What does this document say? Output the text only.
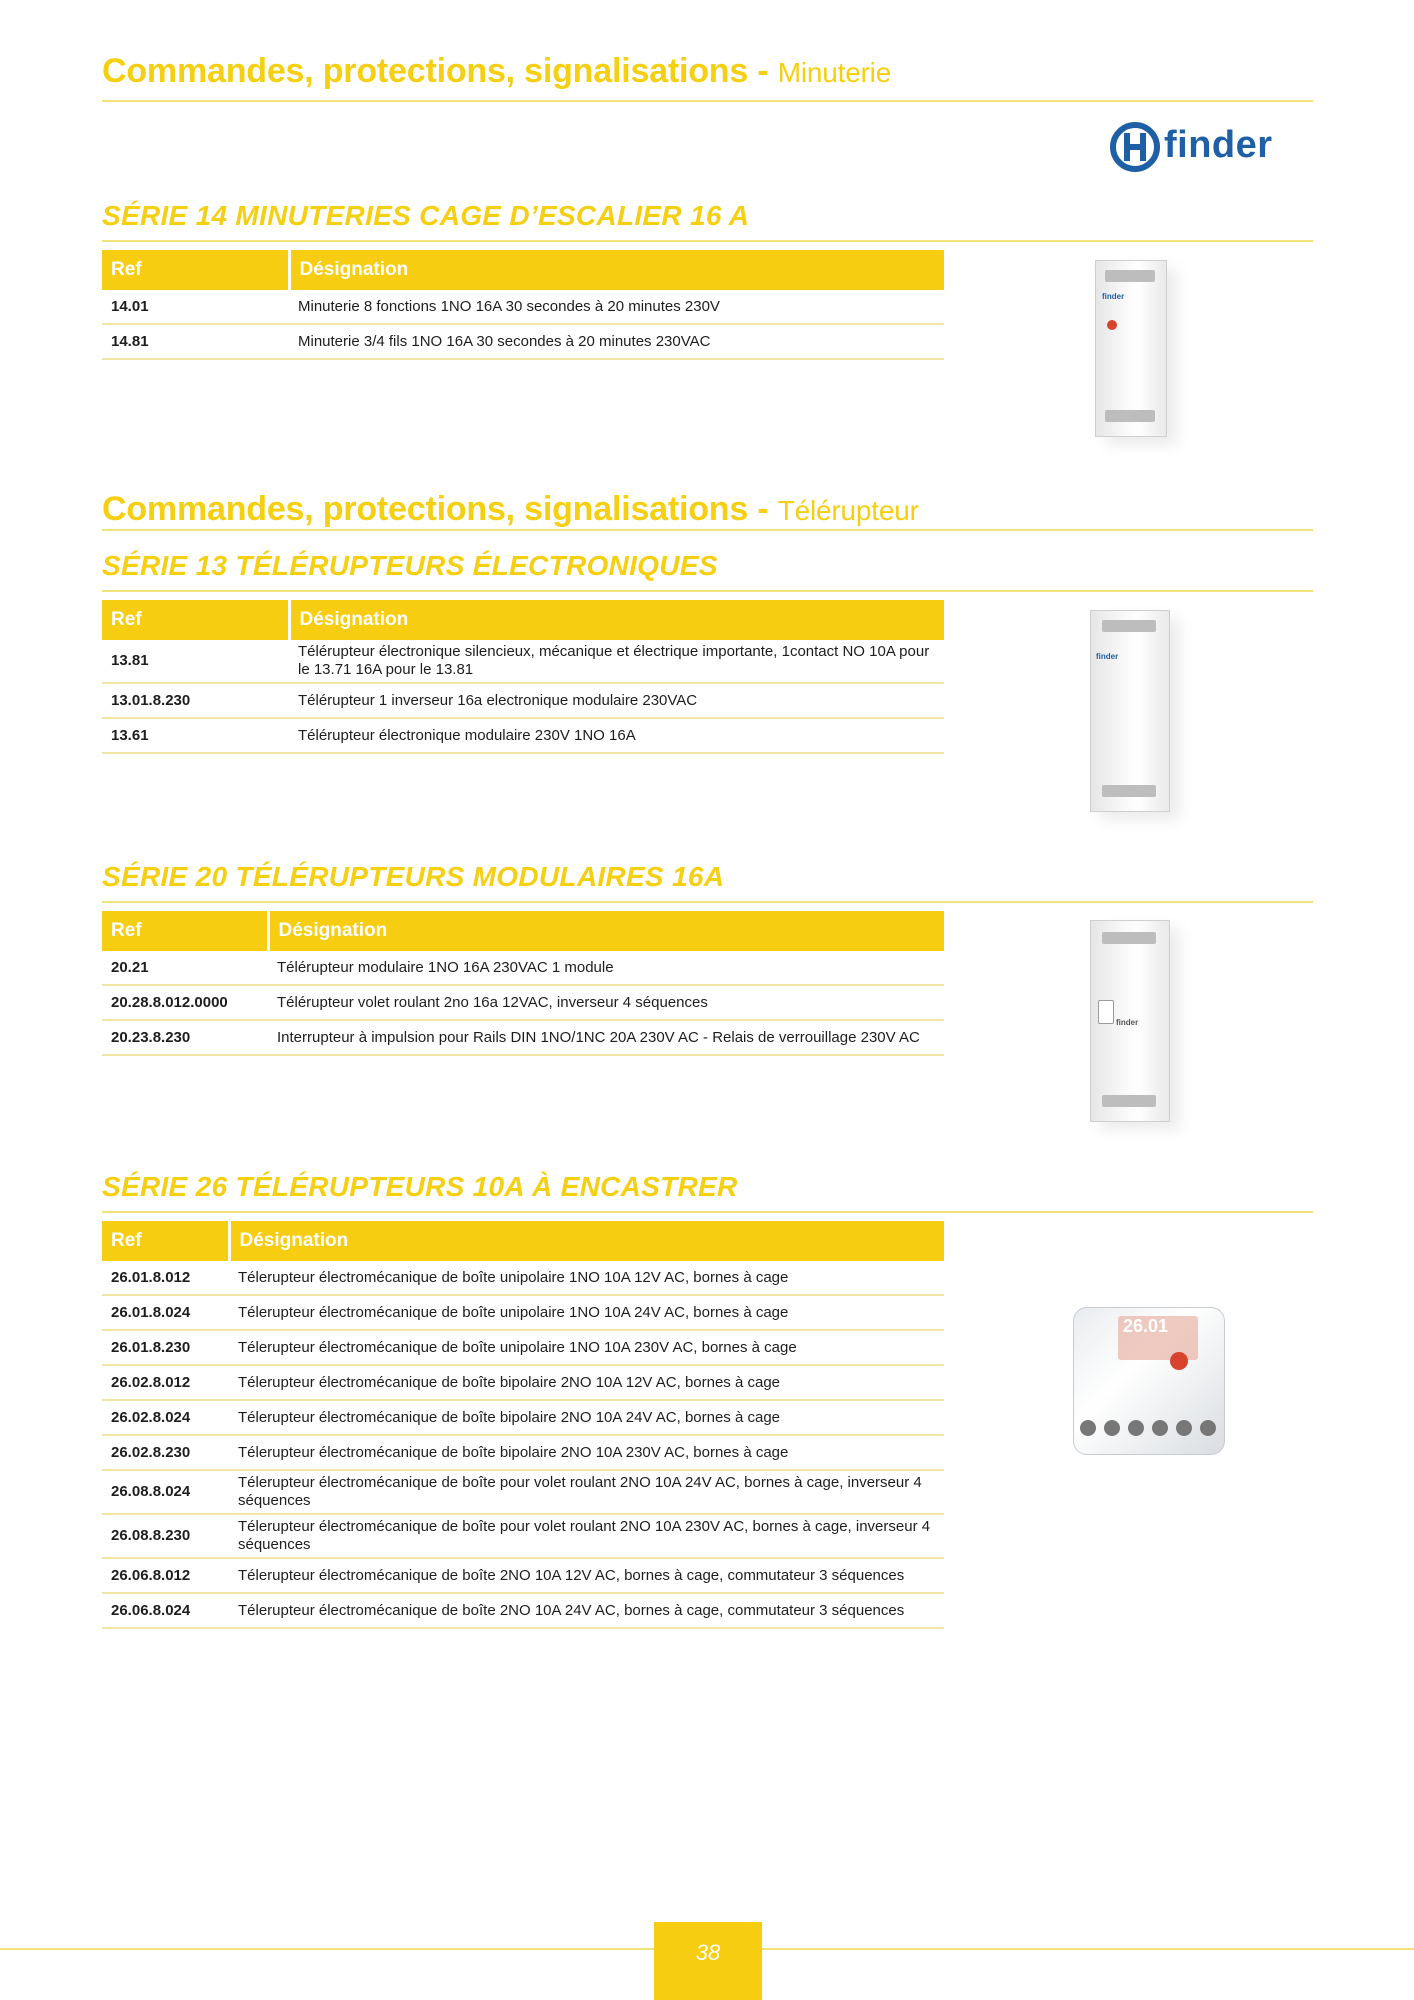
Commandes, protections, signalisations - Minuterie
finder
SÉRIE 14 MINUTERIES CAGE D’ESCALIER 16 A
Ref	Désignation
14.01	Minuterie 8 fonctions 1NO 16A 30 secondes à 20 minutes 230V
14.81	Minuterie 3/4 fils 1NO 16A 30 secondes à 20 minutes 230VAC
finder
Commandes, protections, signalisations - Télérupteur
SÉRIE 13 TÉLÉRUPTEURS ÉLECTRONIQUES
Ref	Désignation
13.81	Télérupteur électronique silencieux, mécanique et électrique importante, 1contact NO 10A pour le 13.71 16A pour le 13.81
13.01.8.230	Télérupteur 1 inverseur 16a electronique modulaire 230VAC
13.61	Télérupteur électronique modulaire 230V 1NO 16A
finder
SÉRIE 20 TÉLÉRUPTEURS MODULAIRES 16A
Ref	Désignation
20.21	Télérupteur modulaire 1NO 16A 230VAC 1 module
20.28.8.012.0000	Télérupteur volet roulant 2no 16a 12VAC, inverseur 4 séquences
20.23.8.230	Interrupteur à impulsion pour Rails DIN 1NO/1NC 20A 230V AC - Relais de verrouillage 230V AC
finder
SÉRIE 26 TÉLÉRUPTEURS 10A À ENCASTRER
Ref	Désignation
26.01.8.012	Télerupteur électromécanique de boîte unipolaire 1NO 10A 12V AC, bornes à cage
26.01.8.024	Télerupteur électromécanique de boîte unipolaire 1NO 10A 24V AC, bornes à cage
26.01.8.230	Télerupteur électromécanique de boîte unipolaire 1NO 10A 230V AC, bornes à cage
26.02.8.012	Télerupteur électromécanique de boîte bipolaire 2NO 10A 12V AC, bornes à cage
26.02.8.024	Télerupteur électromécanique de boîte bipolaire 2NO 10A 24V AC, bornes à cage
26.02.8.230	Télerupteur électromécanique de boîte bipolaire 2NO 10A 230V AC, bornes à cage
26.08.8.024	Télerupteur électromécanique de boîte pour volet roulant 2NO 10A 24V AC, bornes à cage, inverseur 4 séquences
26.08.8.230	Télerupteur électromécanique de boîte pour volet roulant 2NO 10A 230V AC, bornes à cage, inverseur 4 séquences
26.06.8.012	Télerupteur électromécanique de boîte 2NO 10A 12V AC, bornes à cage, commutateur 3 séquences
26.06.8.024	Télerupteur électromécanique de boîte 2NO 10A 24V AC, bornes à cage, commutateur 3 séquences
26.01
38
